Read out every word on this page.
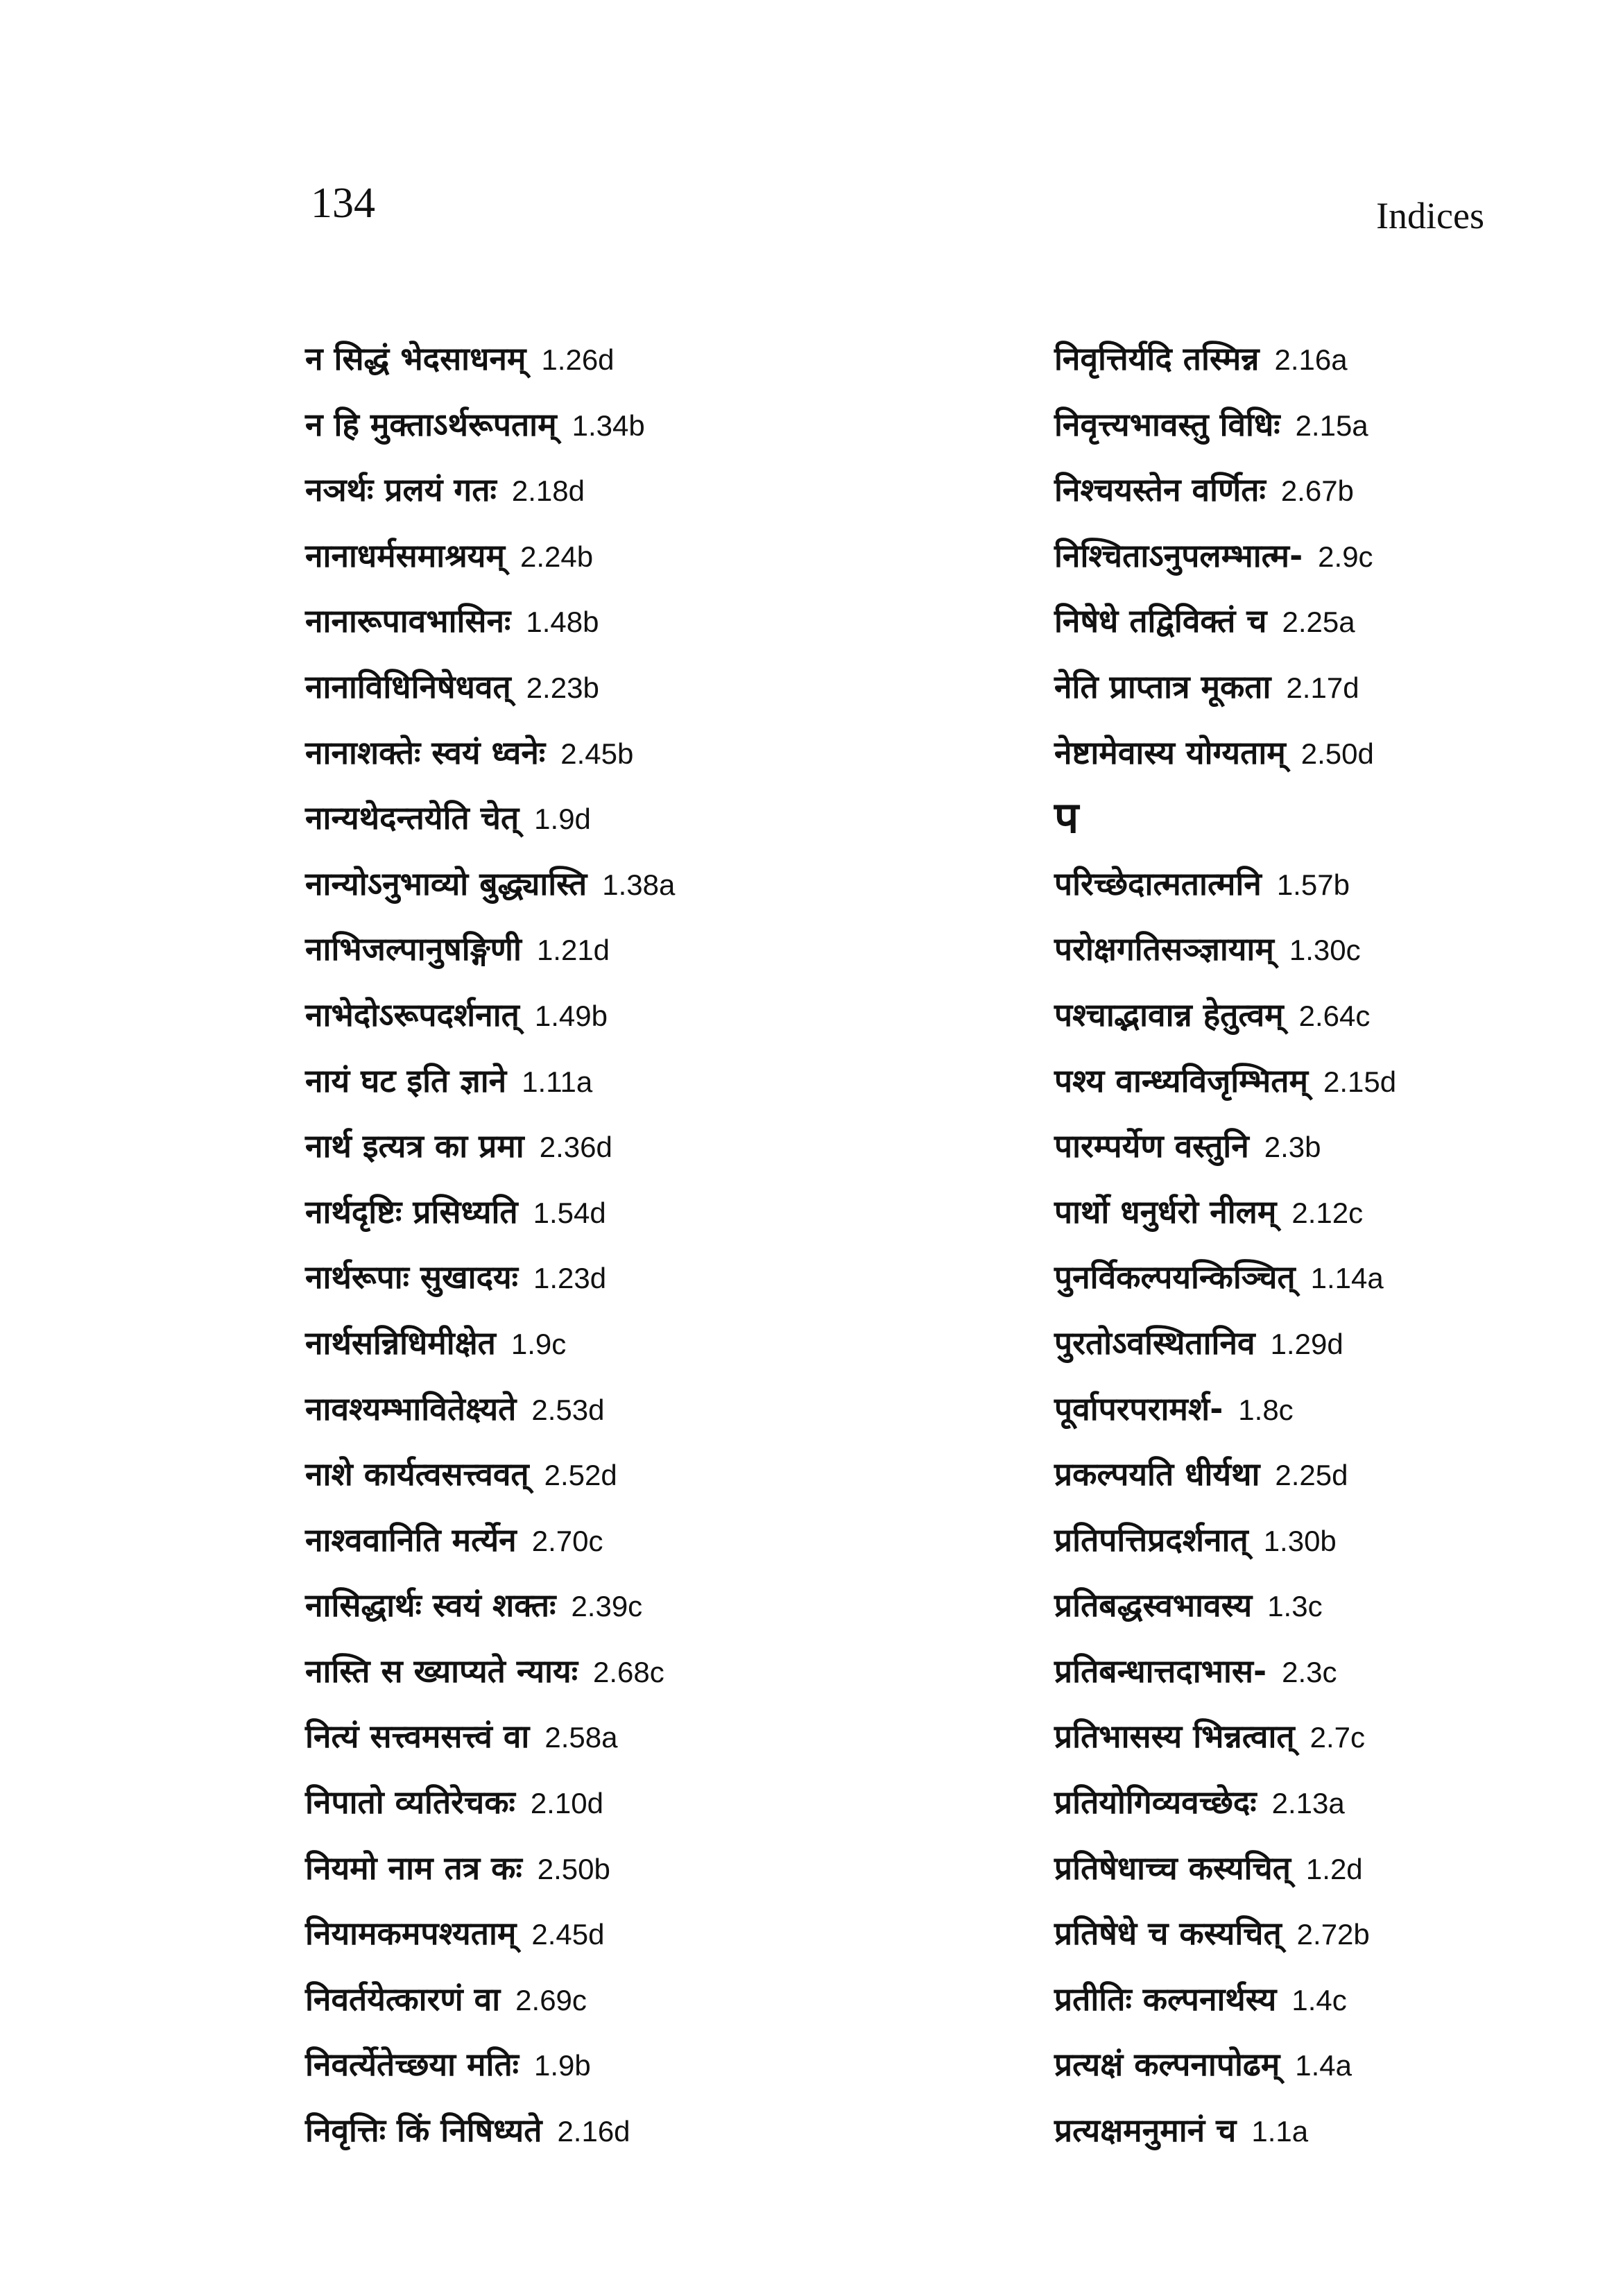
134	Indices
न सिद्धं भेदसाधनम् 1.26d
न हि मुक्ताऽर्थरूपताम् 1.34b
नञर्थः प्रलयं गतः 2.18d
नानाधर्मसमाश्रयम् 2.24b
नानारूपावभासिनः 1.48b
नानाविधिनिषेधवत् 2.23b
नानाशक्तेः स्वयं ध्वनेः 2.45b
नान्यथेदन्तयेति चेत् 1.9d
नान्योऽनुभाव्यो बुद्ध्यास्ति 1.38a
नाभिजल्पानुषङ्गिणी 1.21d
नाभेदोऽरूपदर्शनात् 1.49b
नायं घट इति ज्ञाने 1.11a
नार्थ इत्यत्र का प्रमा 2.36d
नार्थदृष्टिः प्रसिध्यति 1.54d
नार्थरूपाः सुखादयः 1.23d
नार्थसन्निधिमीक्षेत 1.9c
नावश्यम्भावितेक्ष्यते 2.53d
नाशे कार्यत्वसत्त्ववत् 2.52d
नाश्ववानिति मर्त्येन 2.70c
नासिद्धार्थः स्वयं शक्तः 2.39c
नास्ति स ख्याप्यते न्यायः 2.68c
नित्यं सत्त्वमसत्त्वं वा 2.58a
निपातो व्यतिरेचकः 2.10d
नियमो नाम तत्र कः 2.50b
नियामकमपश्यताम् 2.45d
निवर्तयेत्कारणं वा 2.69c
निवर्त्येतेच्छया मतिः 1.9b
निवृत्तिः किं निषिध्यते 2.16d
निवृत्तिर्यदि तस्मिन्न 2.16a
निवृत्त्यभावस्तु विधिः 2.15a
निश्चयस्तेन वर्णितः 2.67b
निश्चिताऽनुपलम्भात्म- 2.9c
निषेधे तद्विविक्तं च 2.25a
नेति प्राप्तात्र मूकता 2.17d
नेष्टामेवास्य योग्यताम् 2.50d
प
परिच्छेदात्मतात्मनि 1.57b
परोक्षगतिसञ्ज्ञायाम् 1.30c
पश्चाद्भावान्न हेतुत्वम् 2.64c
पश्य वान्ध्यविजृम्भितम् 2.15d
पारम्पर्येण वस्तुनि 2.3b
पार्थो धनुर्धरो नीलम् 2.12c
पुनर्विकल्पयन्किञ्चित् 1.14a
पुरतोऽवस्थितानिव 1.29d
पूर्वापरपरामर्श- 1.8c
प्रकल्पयति धीर्यथा 2.25d
प्रतिपत्तिप्रदर्शनात् 1.30b
प्रतिबद्धस्वभावस्य 1.3c
प्रतिबन्धात्तदाभास- 2.3c
प्रतिभासस्य भिन्नत्वात् 2.7c
प्रतियोगिव्यवच्छेदः 2.13a
प्रतिषेधाच्च कस्यचित् 1.2d
प्रतिषेधे च कस्यचित् 2.72b
प्रतीतिः कल्पनार्थस्य 1.4c
प्रत्यक्षं कल्पनापोढम् 1.4a
प्रत्यक्षमनुमानं च 1.1a
